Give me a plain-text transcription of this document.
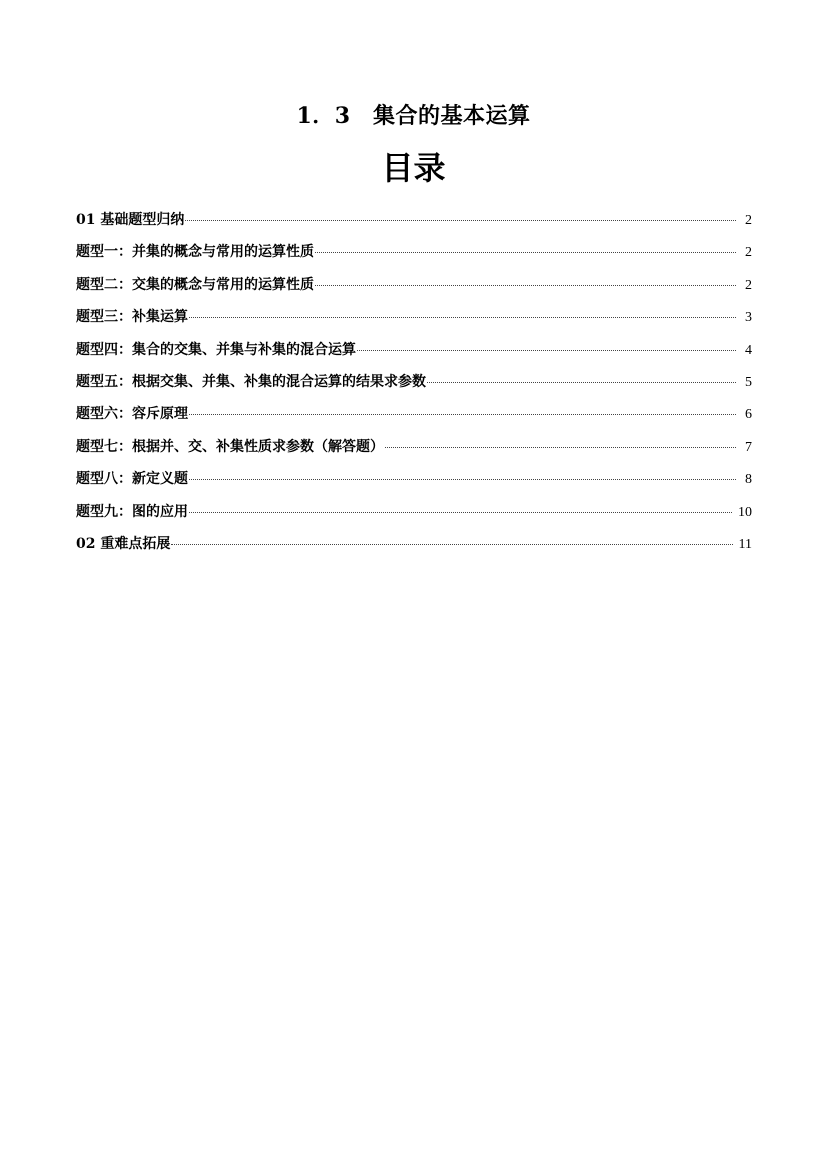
1．3　集合的基本运算
目录
01 基础题型归纳	2
题型一：并集的概念与常用的运算性质	2
题型二：交集的概念与常用的运算性质	2
题型三：补集运算	3
题型四：集合的交集、并集与补集的混合运算	4
题型五：根据交集、并集、补集的混合运算的结果求参数	5
题型六：容斥原理	6
题型七：根据并、交、补集性质求参数（解答题）	7
题型八：新定义题	8
题型九：图的应用	10
02 重难点拓展	11
